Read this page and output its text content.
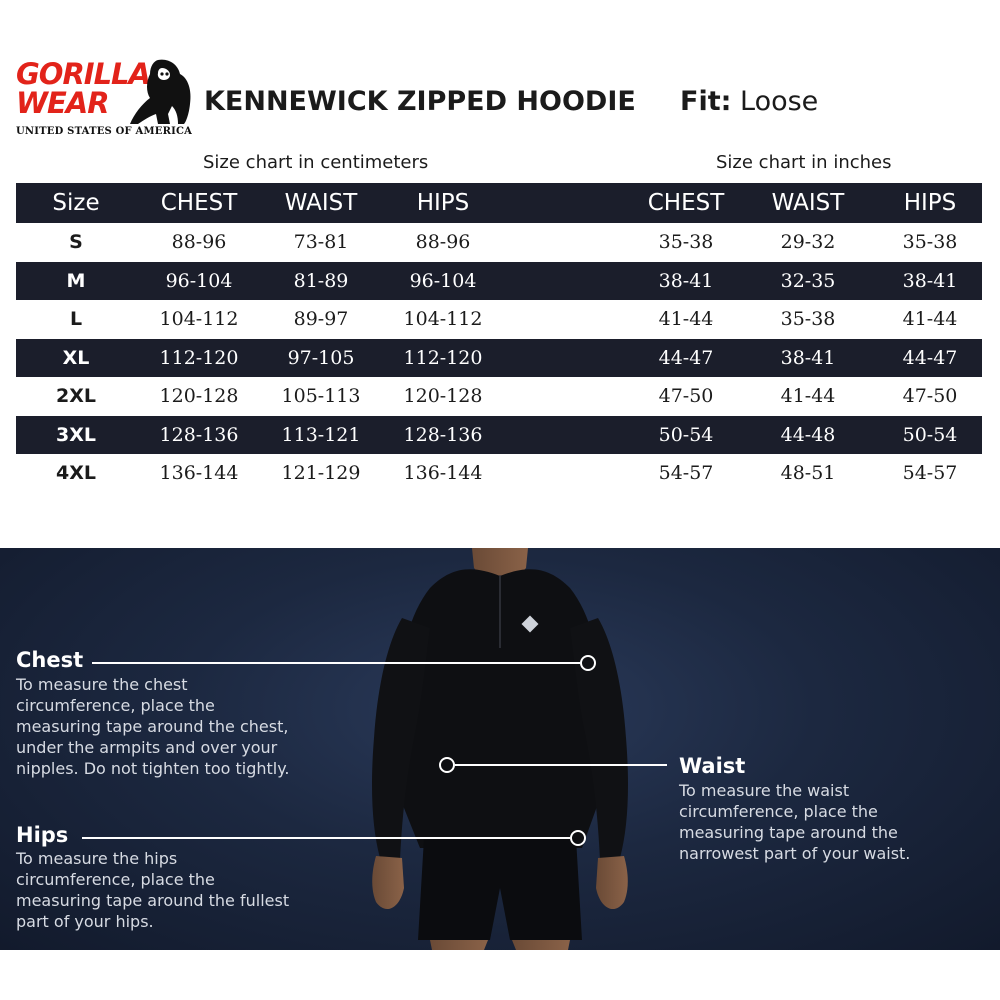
GORILLA
WEAR
UNITED STATES OF AMERICA
KENNEWICK ZIPPED HOODIE Fit: Loose
Size chart in centimeters	Size chart in inches
Size	CHEST	WAIST	HIPS	CHEST	WAIST	HIPS
S	88-96	73-81	88-96	35-38	29-32	35-38
M	96-104	81-89	96-104	38-41	32-35	38-41
L	104-112	89-97	104-112	41-44	35-38	41-44
XL	112-120	97-105	112-120	44-47	38-41	44-47
2XL	120-128	105-113	120-128	47-50	41-44	47-50
3XL	128-136	113-121	128-136	50-54	44-48	50-54
4XL	136-144	121-129	136-144	54-57	48-51	54-57
Chest
To measure the chest
circumference, place the
measuring tape around the chest,
under the armpits and over your
nipples. Do not tighten too tightly.	Waist
To measure the waist
circumference, place the
measuring tape around the
narrowest part of your waist.
Hips
To measure the hips
circumference, place the
measuring tape around the fullest
part of your hips.
